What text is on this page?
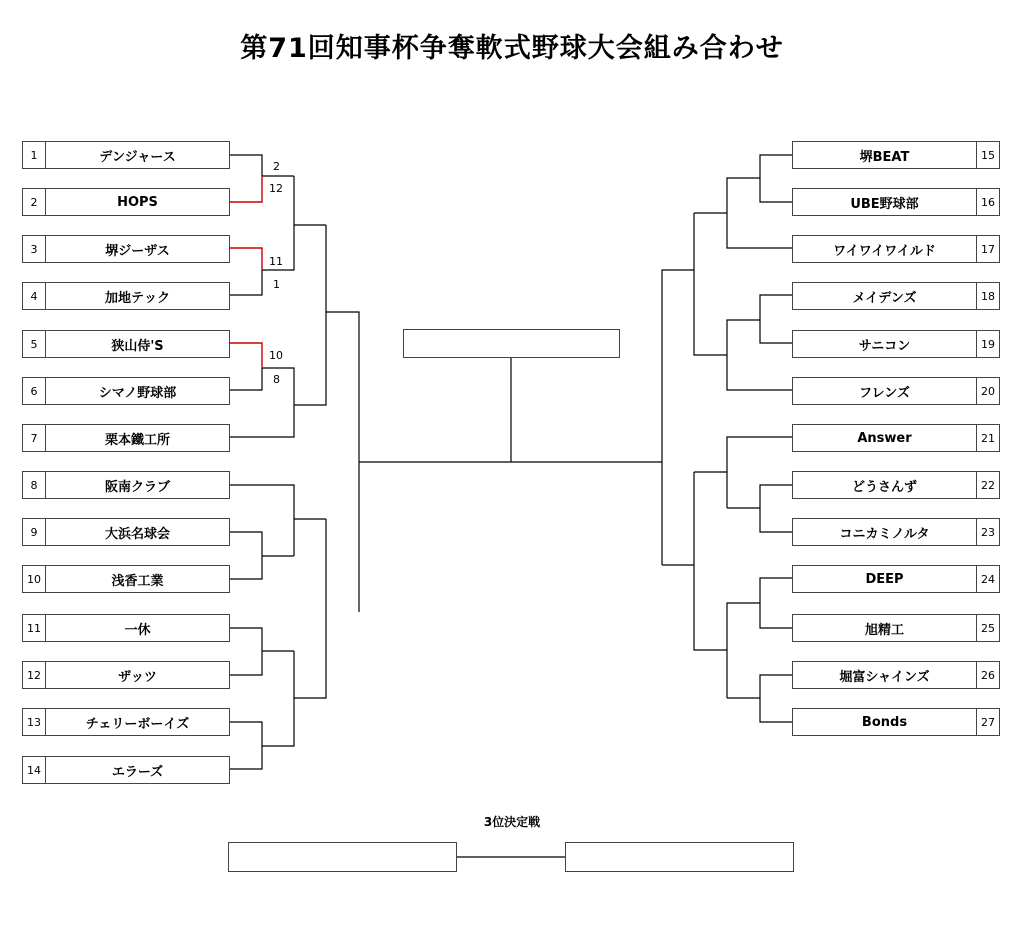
第71回知事杯争奪軟式野球大会組み合わせ
1	デンジャース
2	HOPS
3	堺ジーザス
4	加地テック
5	狭山侍'S
6	シマノ野球部
7	栗本鐵工所
8	阪南クラブ
9	大浜名球会
10	浅香工業
11	一休
12	ザッツ
13	チェリーボーイズ
14	エラーズ
堺BEAT	15
UBE野球部	16
ワイワイワイルド	17
メイデンズ	18
サニコン	19
フレンズ	20
Answer	21
どうさんず	22
コニカミノルタ	23
DEEP	24
旭精工	25
堀富シャインズ	26
Bonds	27
2
12
11
1
10
8
3位決定戦
